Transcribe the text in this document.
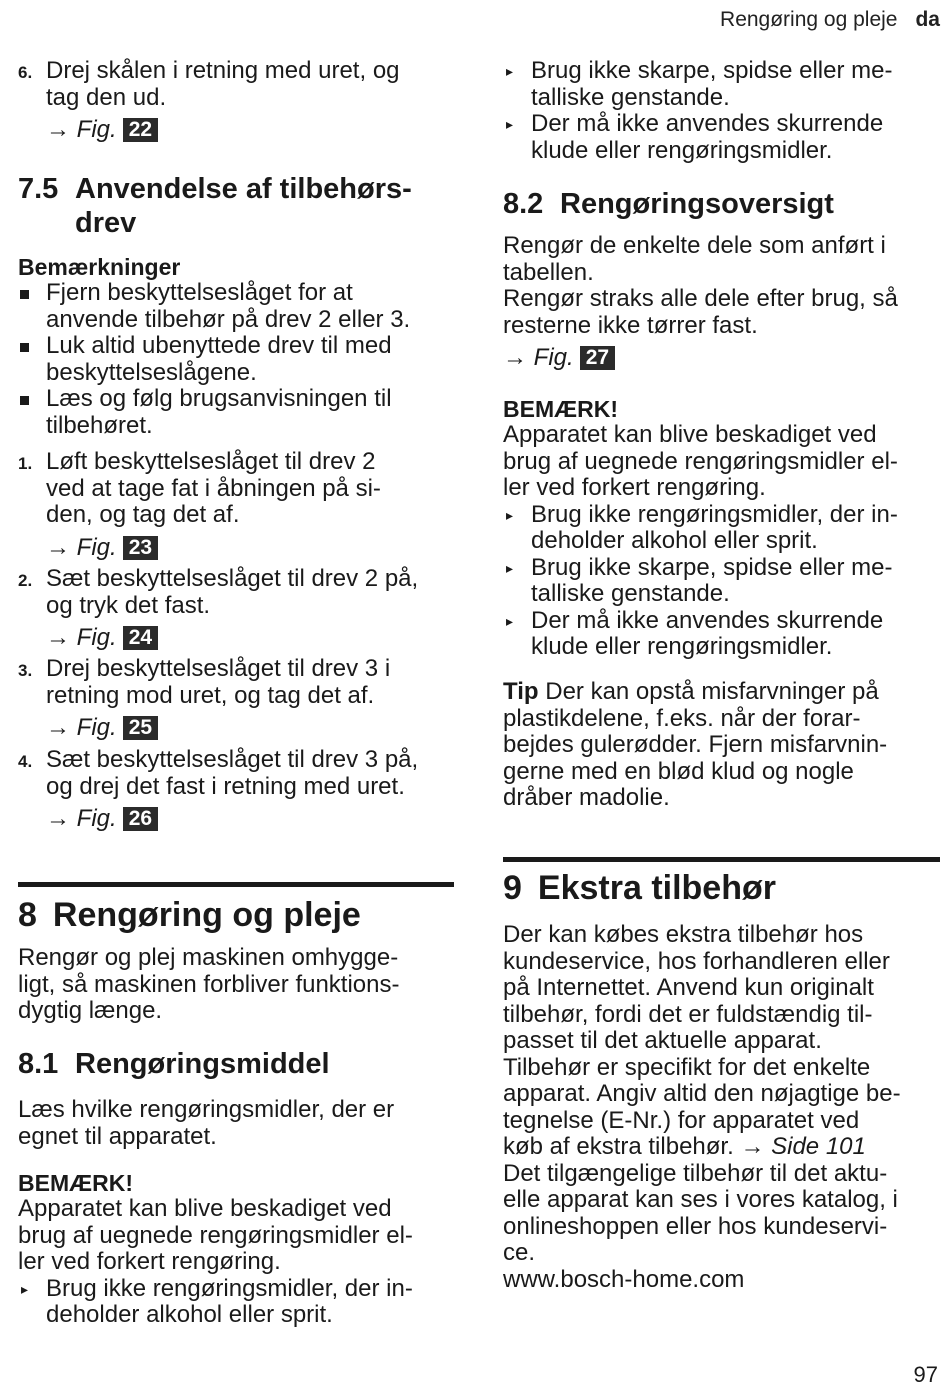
Rengøring og pleje da

6. Drej skålen i retning med uret, og

tag den ud.

→ Fig. 22

7.5 Anvendelse af tilbehørs-
drev

Bemærkninger

Fjern beskyttelseslåget for at
anvende tilbehør på drev 2 eller 3.

Luk altid ubenyttede drev til med
beskyttelseslågene.

Læs og følg brugsanvisningen til
tilbehøret.

1. Løft beskyttelseslåget til drev 2
ved at tage fat i åbningen på si-
den, og tag det af.

→ Fig. 23

2. Sæt beskyttelseslåget til drev 2 på,
og tryk det fast.

→ Fig. 24

3. Drej beskyttelseslåget til drev 3 i
retning mod uret, og tag det af.

→ Fig. 25

4. Sæt beskyttelseslåget til drev 3 på,
og drej det fast i retning med uret.

→ Fig. 26

8 Rengøring og pleje

Rengør og plej maskinen omhygge-
ligt, så maskinen forbliver funktions-
dygtig længe.

8.1 Rengøringsmiddel

Læs hvilke rengøringsmidler, der er
egnet til apparatet.

BEMÆRK!

Apparatet kan blive beskadiget ved
brug af uegnede rengøringsmidler el-
ler ved forkert rengøring.

▸ Brug ikke rengøringsmidler, der in-
deholder alkohol eller sprit.

▸ Brug ikke skarpe, spidse eller me-
talliske genstande.

▸ Der må ikke anvendes skurrende
klude eller rengøringsmidler.

8.2 Rengøringsoversigt

Rengør de enkelte dele som anført i
tabellen.
Rengør straks alle dele efter brug, så
resterne ikke tørrer fast.

→ Fig. 27

BEMÆRK!

Apparatet kan blive beskadiget ved
brug af uegnede rengøringsmidler el-
ler ved forkert rengøring.

▸ Brug ikke rengøringsmidler, der in-
deholder alkohol eller sprit.

▸ Brug ikke skarpe, spidse eller me-
talliske genstande.

▸ Der må ikke anvendes skurrende
klude eller rengøringsmidler.

Tip Der kan opstå misfarvninger på
plastikdelene, f.eks. når der forar-
bejdes gulerødder. Fjern misfarvnin-
gerne med en blød klud og nogle
dråber madolie.

9 Ekstra tilbehør

Der kan købes ekstra tilbehør hos
kundeservice, hos forhandleren eller
på Internettet. Anvend kun originalt
tilbehør, fordi det er fuldstændig til-
passet til det aktuelle apparat.
Tilbehør er specifikt for det enkelte
apparat. Angiv altid den nøjagtige be-
tegnelse (E-Nr.) for apparatet ved
køb af ekstra tilbehør. → Side 101
Det tilgængelige tilbehør til det aktu-
elle apparat kan ses i vores katalog, i
onlineshoppen eller hos kundeservi-
ce.
www.bosch-home.com

97
